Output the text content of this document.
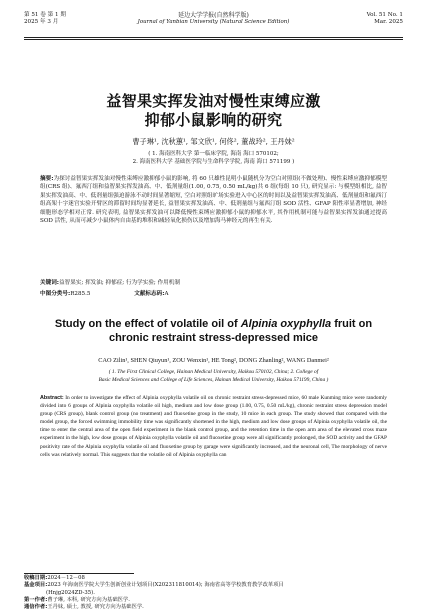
第 51 卷 第 1 期
2025 年 3 月
延边大学学报(自然科学版)
Journal of Yanbian University (Natural Science Edition)
Vol. 51 No. 1
Mar. 2025
益智果实挥发油对慢性束缚应激
抑郁小鼠影响的研究
曹子琳¹, 沈秋蕙¹, 邹文欣¹, 何佟², 董战玲², 王丹妹²
( 1. 海南医科大学 第一临床学院, 海南 海口 570102;
2. 海南医科大学 基础医学院与生命科学学院, 海南 海口 571199 )
摘要:为探讨益智果实挥发油对慢性束缚应激抑郁小鼠的影响, 将 60 只雄性昆明小鼠随机分为空白对照组(不做处理)、慢性束缚应激抑郁模型组(CRS 组)、氟西汀组和益智果实挥发油高、中、低剂量组(1.00, 0.75, 0.50 mL/kg)共 6 组(每组 10 只), 研究显示: 与模型组相比, 益智果实挥发油高、中、低剂量组强迫游泳不动时间显著缩短, 空白对照组旷场实验进入中心区的时间以及益智果实挥发油高、低剂量组和氟西汀组高架十字迷宫实验开臂区的滞留时间均显著延长, 益智果实挥发油高、中、低剂量组与氟西汀组 SOD 活性、GFAP 阳性率显著增加, 神经细胞形态学相对正常. 研究表明, 益智果实挥发油可以降低慢性束缚应激抑郁小鼠的抑郁水平, 其作用机制可能与益智果实挥发油通过提高 SOD 活性, 从而可减少小鼠体内自由基的堆积和减轻氧化损伤以及增加海马神经元的再生有关.
关键词:益智果实; 挥发油; 抑郁症; 行为学实验; 作用机制
中图分类号:R285.5	文献标志码:A
Study on the effect of volatile oil of Alpinia oxyphylla fruit on
chronic restraint stress-depressed mice
CAO Zilin¹, SHEN Qiuyun¹, ZOU Wenxin¹, HE Tong², DONG Zhanling², WANG Danmei²
( 1. The First Clinical College, Hainan Medical University, Haikou 570102, China; 2. College of
Basic Medical Sciences and College of Life Sciences, Hainan Medical University, Haikou 571199, China )
Abstract: In order to investigate the effect of Alpinia oxyphylla volatile oil on chronic restraint stress-depressed mice, 60 male Kunming mice were randomly divided into 6 groups of Alpinia oxyphylla volatile oil high, medium and low dose group (1.00, 0.75, 0.50 mL/kg), chronic restraint stress depression model group (CRS group), blank control group (no treatment) and fluoxetine group in the study, 10 mice in each group. The study showed that compared with the model group, the forced swimming immobility time was significantly shortened in the high, medium and low dose groups of Alpinia oxyphylla volatile oil, the time to enter the central area of the open field experiment in the blank control group, and the retention time in the open arm area of the elevated cross maze experiment in the high, low dose groups of Alpinia oxyphylla volatile oil and fluoxetine group were all significantly prolonged, the SOD activity and the GFAP positivity rate of the Alpinia oxyphylla volatile oil and fluoxetine group by garage were significantly increased, and the neuronal cell, The morphology of nerve cells was relatively normal. This suggests that the volatile oil of Alpinia oxyphylla can
收稿日期:2024－12－08
基金项目:2023 年海南医学院大学生创新创业计划项目(X202311810014); 海南省高等学校教育教学改革项目
(Hnjg2024ZD-35).
第一作者:曹子琳, 本科, 研究方向为基础医学.
通信作者:王丹妹, 硕士, 教授, 研究方向为基础医学.
